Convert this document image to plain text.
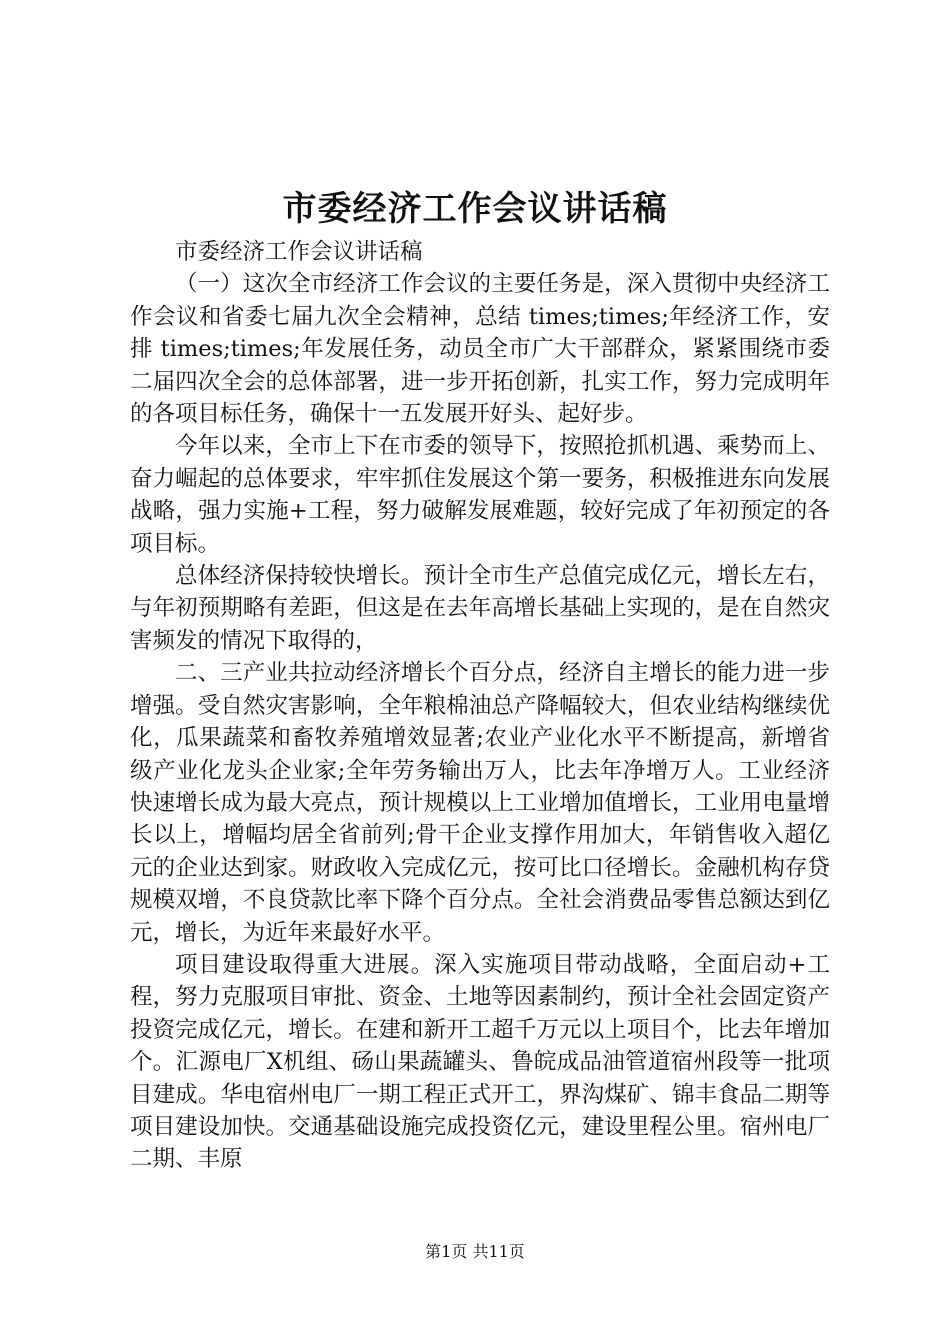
市委经济工作会议讲话稿

市委经济工作会议讲话稿

（一）这次全市经济工作会议的主要任务是，深入贯彻中央经济工作会议和省委七届九次全会精神，总结 times;times;年经济工作，安排 times;times;年发展任务，动员全市广大干部群众，紧紧围绕市委二届四次全会的总体部署，进一步开拓创新，扎实工作，努力完成明年的各项目标任务，确保十一五发展开好头、起好步。

今年以来，全市上下在市委的领导下，按照抢抓机遇、乘势而上、奋力崛起的总体要求，牢牢抓住发展这个第一要务，积极推进东向发展战略，强力实施+工程，努力破解发展难题，较好完成了年初预定的各项目标。

总体经济保持较快增长。预计全市生产总值完成亿元，增长左右，与年初预期略有差距，但这是在去年高增长基础上实现的，是在自然灾害频发的情况下取得的，

二、三产业共拉动经济增长个百分点，经济自主增长的能力进一步增强。受自然灾害影响，全年粮棉油总产降幅较大，但农业结构继续优化，瓜果蔬菜和畜牧养殖增效显著;农业产业化水平不断提高，新增省级产业化龙头企业家;全年劳务输出万人，比去年净增万人。工业经济快速增长成为最大亮点，预计规模以上工业增加值增长，工业用电量增长以上，增幅均居全省前列;骨干企业支撑作用加大，年销售收入超亿元的企业达到家。财政收入完成亿元，按可比口径增长。金融机构存贷规模双增，不良贷款比率下降个百分点。全社会消费品零售总额达到亿元，增长，为近年来最好水平。

项目建设取得重大进展。深入实施项目带动战略，全面启动+工程，努力克服项目审批、资金、土地等因素制约，预计全社会固定资产投资完成亿元，增长。在建和新开工超千万元以上项目个，比去年增加个。汇源电厂Ⅹ机组、砀山果蔬罐头、鲁皖成品油管道宿州段等一批项目建成。华电宿州电厂一期工程正式开工，界沟煤矿、锦丰食品二期等项目建设加快。交通基础设施完成投资亿元，建设里程公里。宿州电厂二期、丰原

第1页 共11页
